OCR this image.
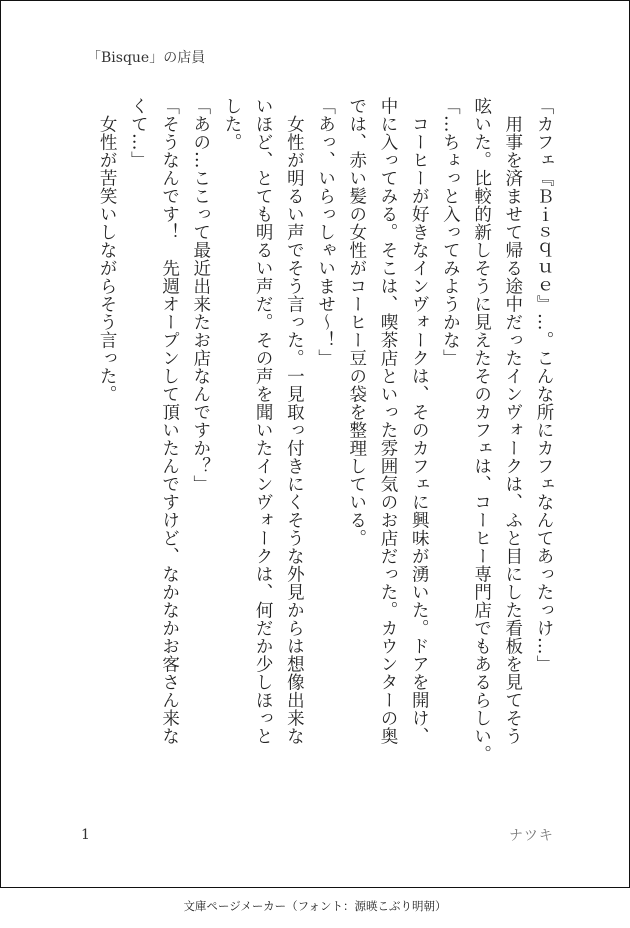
「Bisque」の店員

「カフェ『Ｂｉｓｑｕｅ』…。こんな所にカフェなんてあったっけ…」

　用事を済ませて帰る途中だったインヴォークは、ふと目にした看板を見てそう

呟いた。比較的新しそうに見えたそのカフェは、コーヒー専門店でもあるらしい。

「…ちょっと入ってみようかな」

　コーヒーが好きなインヴォークは、そのカフェに興味が湧いた。ドアを開け、

中に入ってみる。そこは、喫茶店といった雰囲気のお店だった。カウンターの奥

では、赤い髪の女性がコーヒー豆の袋を整理している。

「あっ、いらっしゃいませ～！」

　女性が明るい声でそう言った。一見取っ付きにくそうな外見からは想像出来な

いほど、とても明るい声だ。その声を聞いたインヴォークは、何だか少しほっと

した。

「あの…ここって最近出来たお店なんですか？」

「そうなんです！　先週オープンして頂いたんですけど、なかなかお客さん来な

くて…」

　女性が苦笑いしながらそう言った。

1	ナツキ
文庫ページメーカー（フォント：源暎こぶり明朝）
